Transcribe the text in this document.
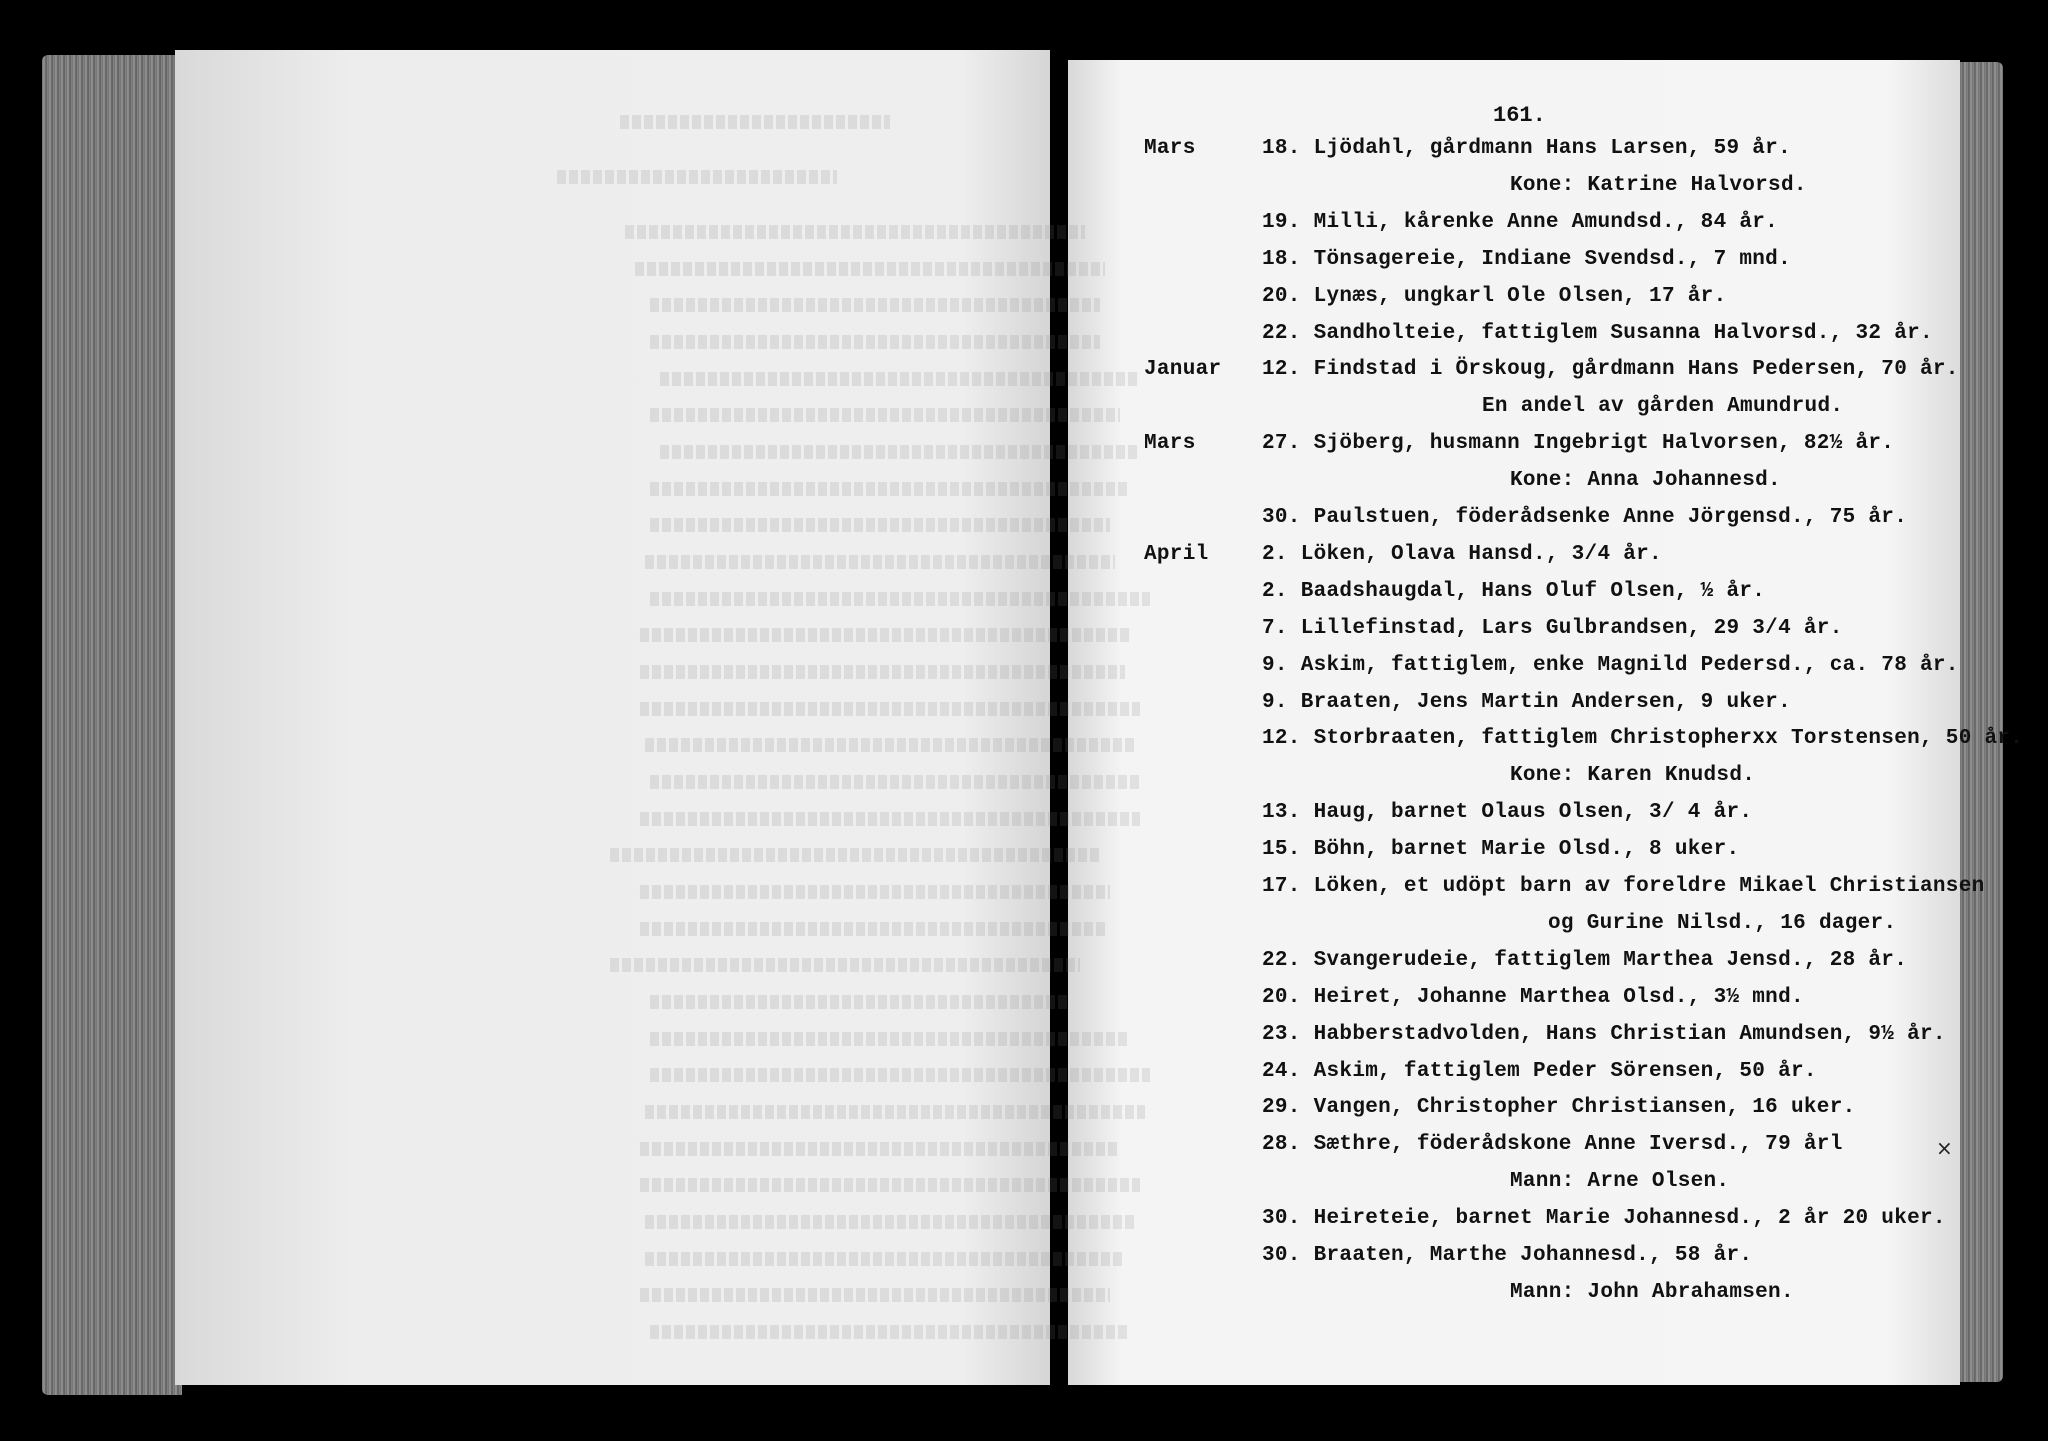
161.
Mars	18. Ljödahl, gårdmann Hans Larsen, 59 år.
Kone: Katrine Halvorsd.
19. Milli, kårenke Anne Amundsd., 84 år.
18. Tönsagereie, Indiane Svendsd., 7 mnd.
20. Lynæs, ungkarl Ole Olsen, 17 år.
22. Sandholteie, fattiglem Susanna Halvorsd., 32 år.
Januar 12. Findstad i Örskoug, gårdmann Hans Pedersen, 70 år.
En andel av gården Amundrud.
Mars	27. Sjöberg, husmann Ingebrigt Halvorsen, 82½ år.
Kone: Anna Johannesd.
30. Paulstuen, föderådsenke Anne Jörgensd., 75 år.
April	2. Löken, Olava Hansd., 3/4 år.
2. Baadshaugdal, Hans Oluf Olsen, ½ år.
7. Lillefinstad, Lars Gulbrandsen, 29 3/4 år.
9. Askim, fattiglem, enke Magnild Pedersd., ca. 78 år.
9. Braaten, Jens Martin Andersen, 9 uker.
12. Storbraaten, fattiglem Christopherxx Torstensen, 50 år.
Kone: Karen Knudsd.
13. Haug, barnet Olaus Olsen, 3/ 4 år.
15. Böhn, barnet Marie Olsd., 8 uker.
17. Löken, et udöpt barn av foreldre Mikael Christiansen
og Gurine Nilsd., 16 dager.
22. Svangerudeie, fattiglem Marthea Jensd., 28 år.
20. Heiret, Johanne Marthea Olsd., 3½ mnd.
23. Habberstadvolden, Hans Christian Amundsen, 9½ år.
24. Askim, fattiglem Peder Sörensen, 50 år.
29. Vangen, Christopher Christiansen, 16 uker.
28. Sæthre, föderådskone Anne Iversd., 79 årl
Mann: Arne Olsen.
30. Heireteie, barnet Marie Johannesd., 2 år 20 uker.
30. Braaten, Marthe Johannesd., 58 år.
Mann: John Abrahamsen.
×
